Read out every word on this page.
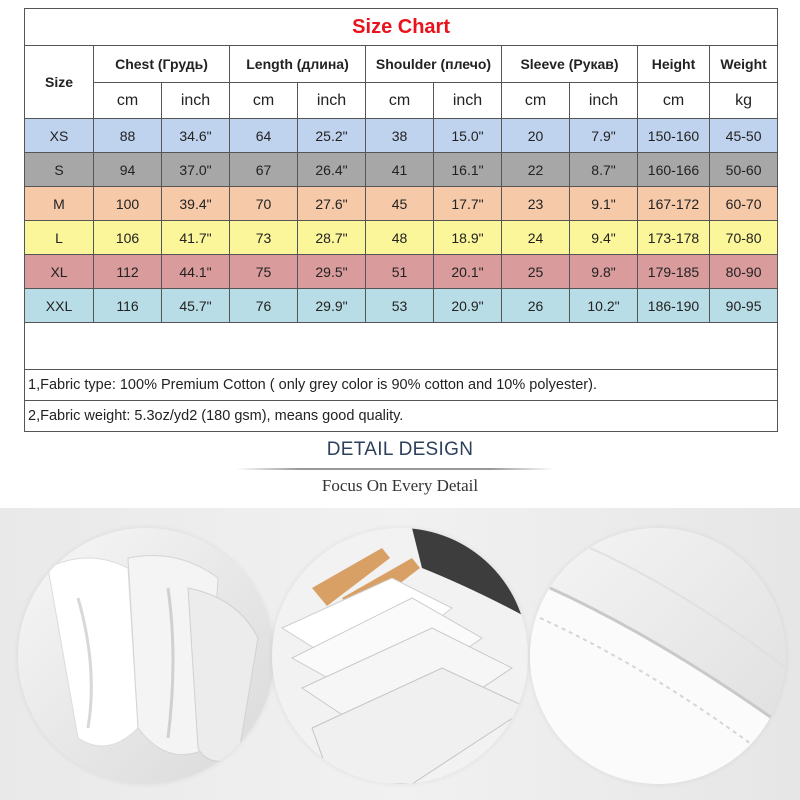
Size Chart										
Size	Chest (Грудь)		Length (длина)		Shoulder (плечо)		Sleeve (Рукав)		Height	Weight
	cm	inch	cm	inch	cm	inch	cm	inch	cm	kg
XS	88	34.6"	64	25.2"	38	15.0"	20	7.9"	150-160	45-50
S	94	37.0"	67	26.4"	41	16.1"	22	8.7"	160-166	50-60
M	100	39.4"	70	27.6"	45	17.7"	23	9.1"	167-172	60-70
L	106	41.7"	73	28.7"	48	18.9"	24	9.4"	173-178	70-80
XL	112	44.1"	75	29.5"	51	20.1"	25	9.8"	179-185	80-90
XXL	116	45.7"	76	29.9"	53	20.9"	26	10.2"	186-190	90-95

1,Fabric type: 100% Premium Cotton ( only grey color is 90% cotton and 10% polyester).										
2,Fabric weight: 5.3oz/yd2 (180 gsm), means good quality.										
DETAIL DESIGN
Focus On Every Detail
